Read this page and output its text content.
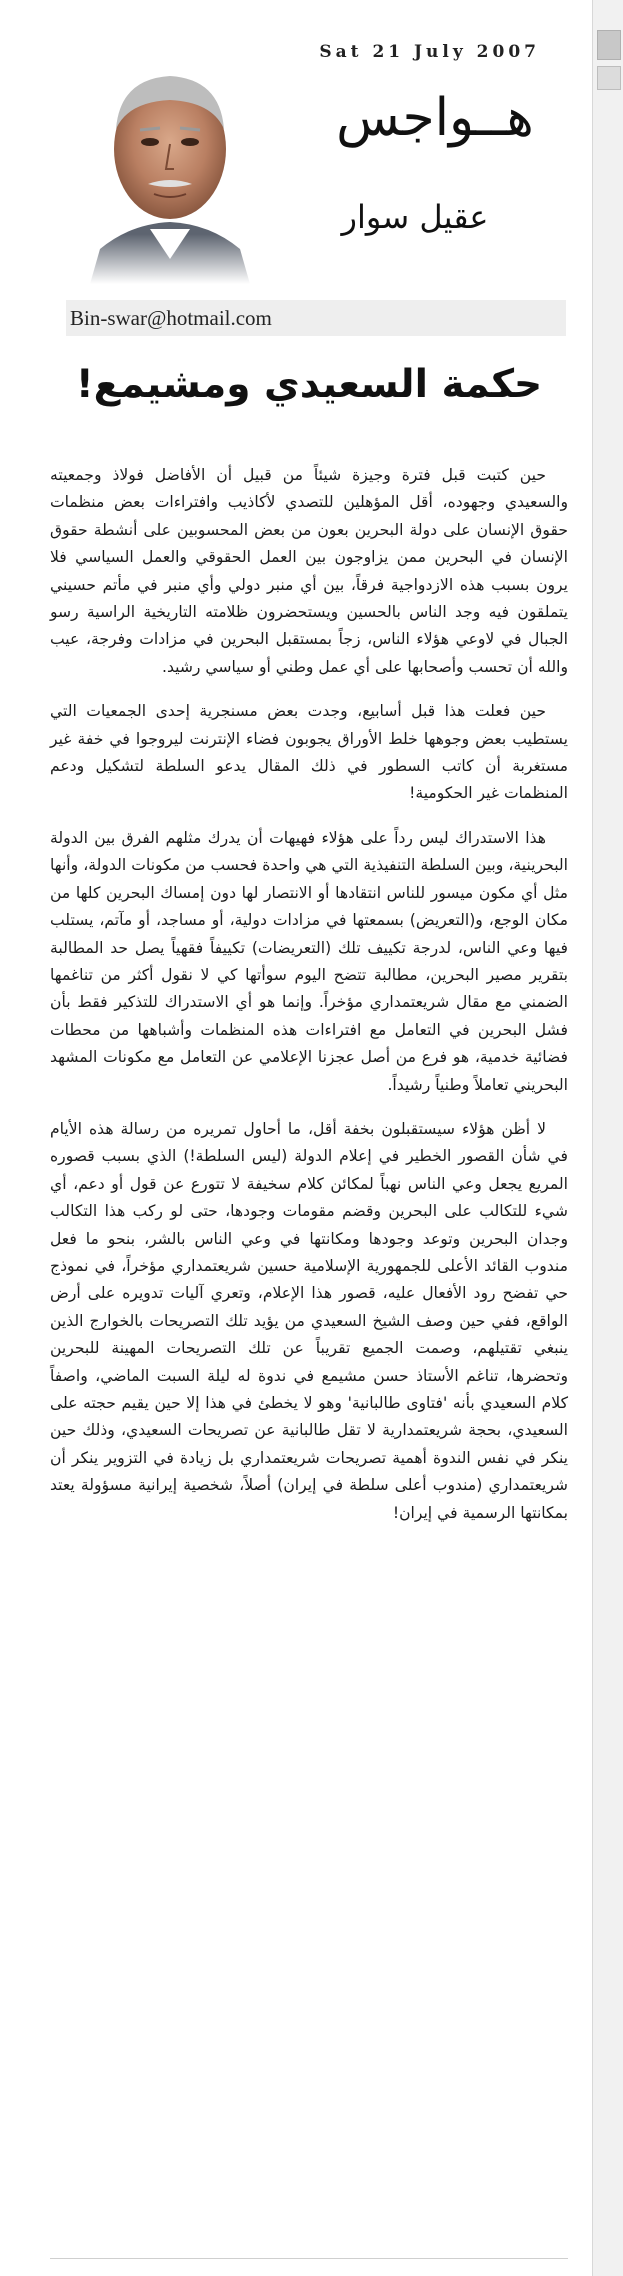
Sat 21 July 2007
هــواجس
عقيل سوار
Bin-swar@hotmail.com
حكمة السعيدي ومشيمع!

حين كتبت قبل فترة وجيزة شيئاً من قبيل أن الأفاضل فولاذ وجمعيته والسعيدي وجهوده، أقل المؤهلين للتصدي لأكاذيب وافتراءات بعض منظمات حقوق الإنسان على دولة البحرين بعون من بعض المحسوبين على أنشطة حقوق الإنسان في البحرين ممن يزاوجون بين العمل الحقوقي والعمل السياسي فلا يرون بسبب هذه الازدواجية فرقاً، بين أي منبر دولي وأي منبر في مأتم حسيني يتملقون فيه وجد الناس بالحسين ويستحضرون ظلامته التاريخية الراسية رسو الجبال في لاوعي هؤلاء الناس، زجاً بمستقبل البحرين في مزادات وفرجة، عيب والله أن تحسب وأصحابها على أي عمل وطني أو سياسي رشيد.

حين فعلت هذا قبل أسابيع، وجدت بعض مسنجرية إحدى الجمعيات التي يستطيب بعض وجوهها خلط الأوراق يجوبون فضاء الإنترنت ليروجوا في خفة غير مستغربة أن كاتب السطور في ذلك المقال يدعو السلطة لتشكيل ودعم المنظمات غير الحكومية!

هذا الاستدراك ليس رداً على هؤلاء فهيهات أن يدرك مثلهم الفرق بين الدولة البحرينية، وبين السلطة التنفيذية التي هي واحدة فحسب من مكونات الدولة، وأنها مثل أي مكون ميسور للناس انتقادها أو الانتصار لها دون إمساك البحرين كلها من مكان الوجع، و(التعريض) بسمعتها في مزادات دولية، أو مساجد، أو مآتم، يستلب فيها وعي الناس، لدرجة تكييف تلك (التعريضات) تكييفاً فقهياً يصل حد المطالبة بتقرير مصير البحرين، مطالبة تتضح اليوم سوأتها كي لا نقول أكثر من تناغمها الضمني مع مقال شريعتمداري مؤخراً. وإنما هو أي الاستدراك للتذكير فقط بأن فشل البحرين في التعامل مع افتراءات هذه المنظمات وأشباهها من محطات فضائية خدمية، هو فرع من أصل عجزنا الإعلامي عن التعامل مع مكونات المشهد البحريني تعاملاً وطنياً رشيداً.

لا أظن هؤلاء سيستقبلون بخفة أقل، ما أحاول تمريره من رسالة هذه الأيام في شأن القصور الخطير في إعلام الدولة (ليس السلطة!) الذي بسبب قصوره المريع يجعل وعي الناس نهباً لمكائن كلام سخيفة لا تتورع عن قول أو دعم، أي شيء للتكالب على البحرين وقضم مقومات وجودها، حتى لو ركب هذا التكالب وجدان البحرين وتوعد وجودها ومكانتها في وعي الناس بالشر، بنحو ما فعل مندوب القائد الأعلى للجمهورية الإسلامية حسين شريعتمداري مؤخراً، في نموذج حي تفضح رود الأفعال عليه، قصور هذا الإعلام، وتعري آليات تدويره على أرض الواقع، ففي حين وصف الشيخ السعيدي من يؤيد تلك التصريحات بالخوارج الذين ينبغي تقتيلهم، وصمت الجميع تقريباً عن تلك التصريحات المهينة للبحرين وتحضرها، تناغم الأستاذ حسن مشيمع في ندوة له ليلة السبت الماضي، واصفاً كلام السعيدي بأنه 'فتاوى طالبانية' وهو لا يخطئ في هذا إلا حين يقيم حجته على السعيدي، بحجة شريعتمدارية لا تقل طالبانية عن تصريحات السعيدي، وذلك حين ينكر في نفس الندوة أهمية تصريحات شريعتمداري بل زيادة في التزوير ينكر أن شريعتمداري (مندوب أعلى سلطة في إيران) أصلاً، شخصية إيرانية مسؤولة يعتد بمكانتها الرسمية في إيران!
